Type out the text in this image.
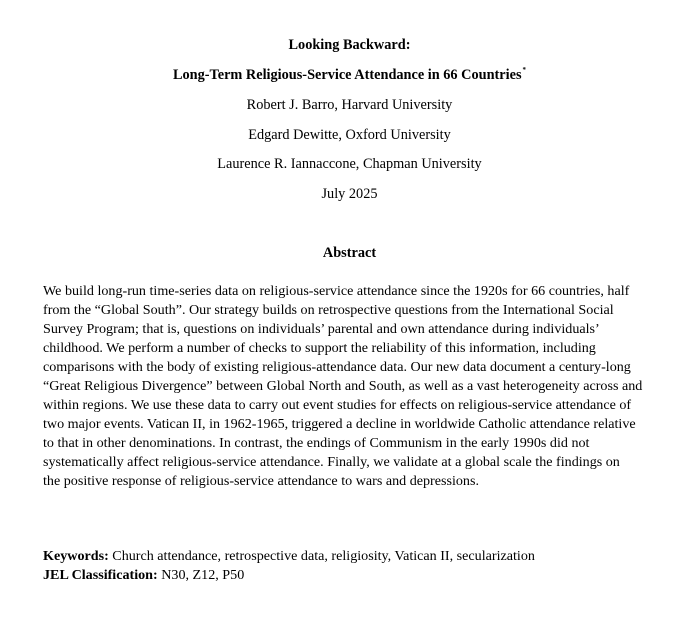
Looking Backward:
Long-Term Religious-Service Attendance in 66 Countries*
Robert J. Barro, Harvard University
Edgard Dewitte, Oxford University
Laurence R. Iannaccone, Chapman University
July 2025
Abstract
We build long-run time-series data on religious-service attendance since the 1920s for 66 countries, half
from the “Global South”. Our strategy builds on retrospective questions from the International Social
Survey Program; that is, questions on individuals’ parental and own attendance during individuals’
childhood. We perform a number of checks to support the reliability of this information, including
comparisons with the body of existing religious-attendance data. Our new data document a century-long
“Great Religious Divergence” between Global North and South, as well as a vast heterogeneity across and
within regions. We use these data to carry out event studies for effects on religious-service attendance of
two major events. Vatican II, in 1962-1965, triggered a decline in worldwide Catholic attendance relative
to that in other denominations. In contrast, the endings of Communism in the early 1990s did not
systematically affect religious-service attendance. Finally, we validate at a global scale the findings on
the positive response of religious-service attendance to wars and depressions.
Keywords: Church attendance, retrospective data, religiosity, Vatican II, secularization
JEL Classification: N30, Z12, P50
